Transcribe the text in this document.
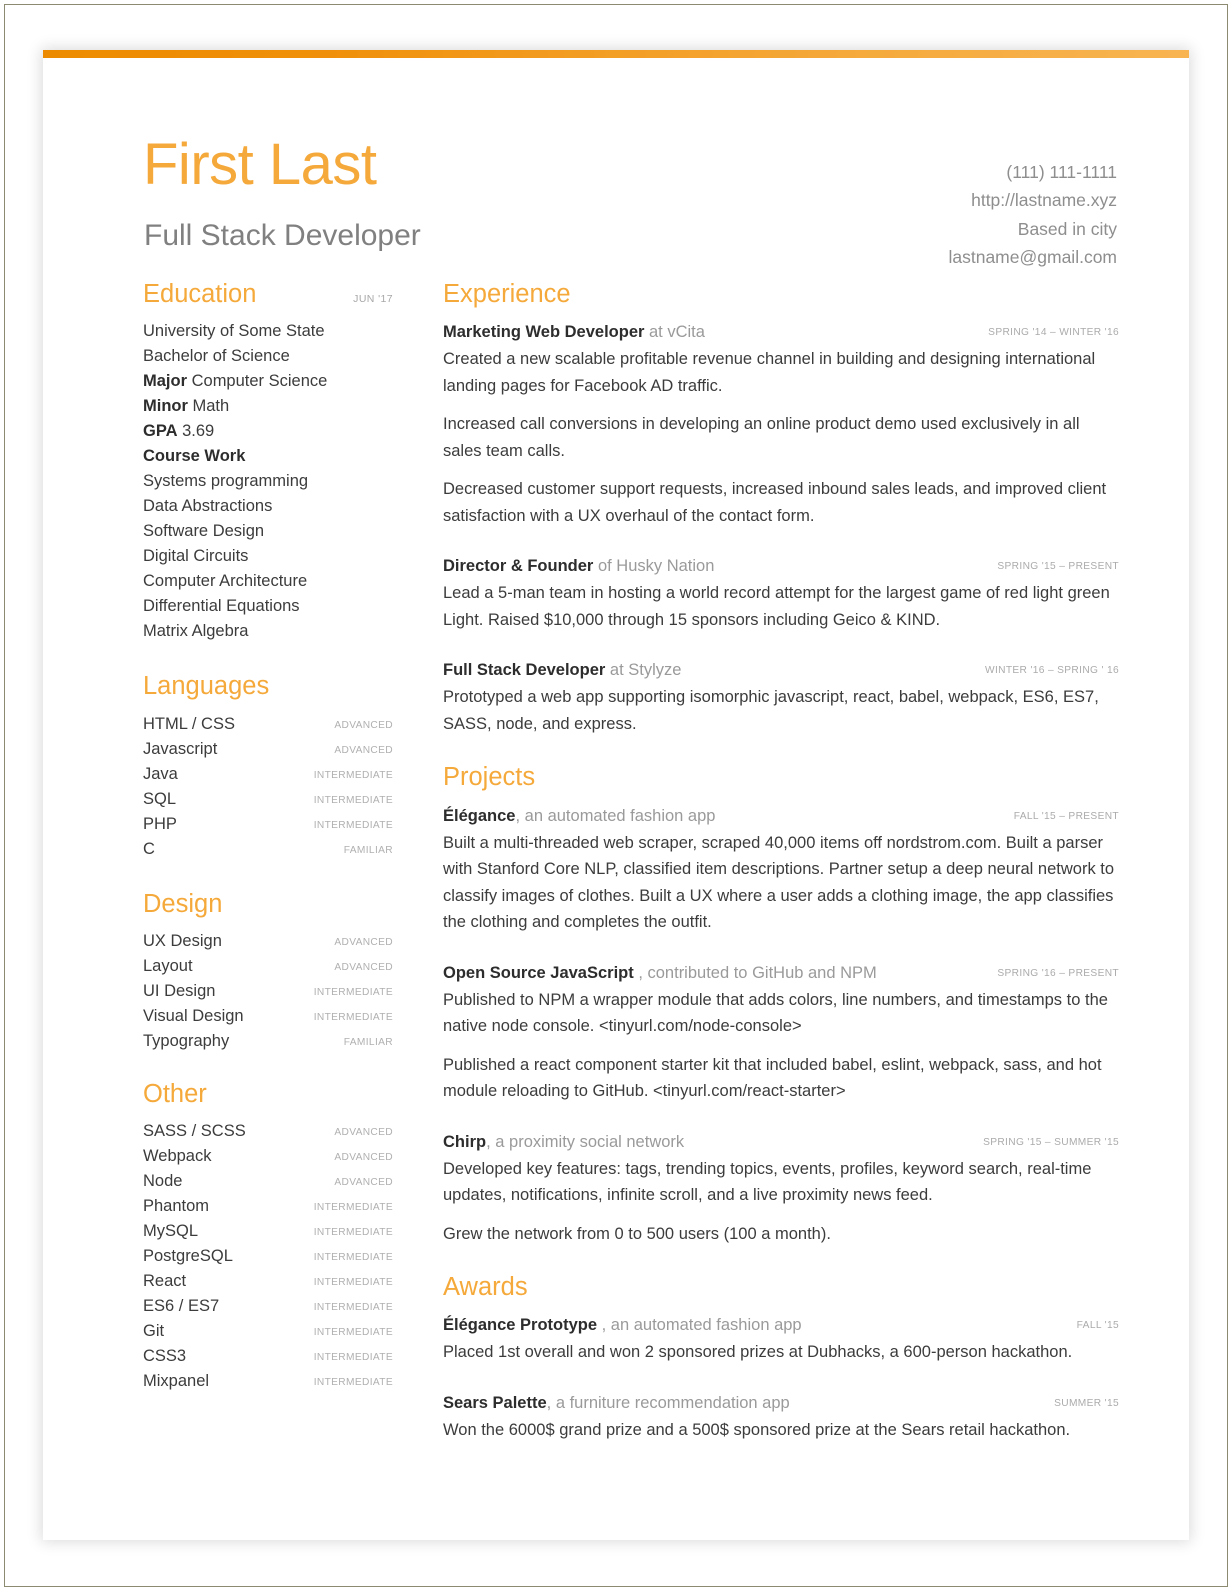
First Last
Full Stack Developer
(111) 111-1111
http://lastname.xyz
Based in city
lastname@gmail.com
Education	JUN '17
University of Some State
Bachelor of Science
Major Computer Science
Minor Math
GPA 3.69
Course Work
Systems programming
Data Abstractions
Software Design
Digital Circuits
Computer Architecture
Differential Equations
Matrix Algebra
Languages
HTML / CSS	ADVANCED
Javascript	ADVANCED
Java	INTERMEDIATE
SQL	INTERMEDIATE
PHP	INTERMEDIATE
C	FAMILIAR
Design
UX Design	ADVANCED
Layout	ADVANCED
UI Design	INTERMEDIATE
Visual Design	INTERMEDIATE
Typography	FAMILIAR
Other
SASS / SCSS	ADVANCED
Webpack	ADVANCED
Node	ADVANCED
Phantom	INTERMEDIATE
MySQL	INTERMEDIATE
PostgreSQL	INTERMEDIATE
React	INTERMEDIATE
ES6 / ES7	INTERMEDIATE
Git	INTERMEDIATE
CSS3	INTERMEDIATE
Mixpanel	INTERMEDIATE
Experience
Marketing Web Developer at vCita	SPRING '14 – WINTER '16
Created a new scalable profitable revenue channel in building and designing international landing pages for Facebook AD traffic.
Increased call conversions in developing an online product demo used exclusively in all sales team calls.
Decreased customer support requests, increased inbound sales leads, and improved client satisfaction with a UX overhaul of the contact form.
Director & Founder of Husky Nation	SPRING '15 – PRESENT
Lead a 5-man team in hosting a world record attempt for the largest game of red light green Light. Raised $10,000 through 15 sponsors including Geico & KIND.
Full Stack Developer at Stylyze	WINTER '16 – SPRING ' 16
Prototyped a web app supporting isomorphic javascript, react, babel, webpack, ES6, ES7, SASS, node, and express.
Projects
Élégance, an automated fashion app	FALL '15 – PRESENT
Built a multi-threaded web scraper, scraped 40,000 items off nordstrom.com. Built a parser with Stanford Core NLP, classified item descriptions. Partner setup a deep neural network to classify images of clothes. Built a UX where a user adds a clothing image, the app classifies the clothing and completes the outfit.
Open Source JavaScript , contributed to GitHub and NPM	SPRING '16 – PRESENT
Published to NPM a wrapper module that adds colors, line numbers, and timestamps to the native node console. <tinyurl.com/node-console>
Published a react component starter kit that included babel, eslint, webpack, sass, and hot module reloading to GitHub. <tinyurl.com/react-starter>
Chirp, a proximity social network	SPRING '15 – SUMMER '15
Developed key features: tags, trending topics, events, profiles, keyword search, real-time updates, notifications, infinite scroll, and a live proximity news feed.
Grew the network from 0 to 500 users (100 a month).
Awards
Élégance Prototype , an automated fashion app	FALL '15
Placed 1st overall and won 2 sponsored prizes at Dubhacks, a 600-person hackathon.
Sears Palette, a furniture recommendation app	SUMMER '15
Won the 6000$ grand prize and a 500$ sponsored prize at the Sears retail hackathon.
